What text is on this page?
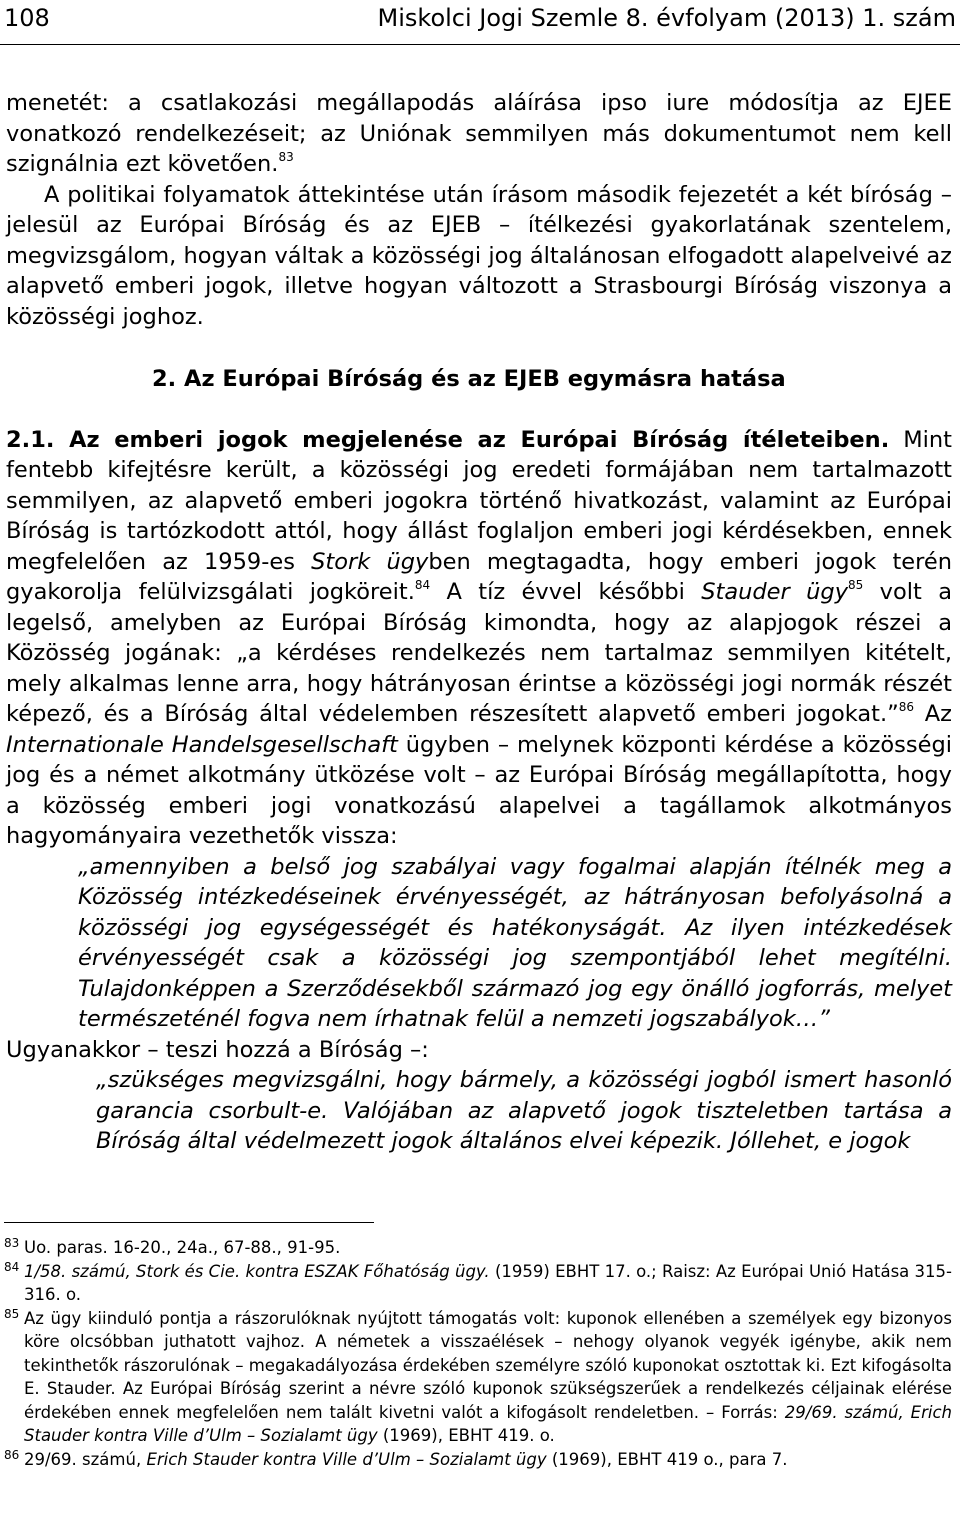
108	Miskolci Jogi Szemle 8. évfolyam (2013) 1. szám

menetét: a csatlakozási megállapodás aláírása ipso iure módosítja az EJEE vonatkozó rendelkezéseit; az Uniónak semmilyen más dokumentumot nem kell szignálnia ezt követően.$^{83}$

A politikai folyamatok áttekintése után írásom második fejezetét a két bíróság – jelesül az Európai Bíróság és az EJEB – ítélkezési gyakorlatának szentelem, megvizsgálom, hogyan váltak a közösségi jog általánosan elfogadott alapelveivé az alapvető emberi jogok, illetve hogyan változott a Strasbourgi Bíróság viszonya a közösségi joghoz.

2. Az Európai Bíróság és az EJEB egymásra hatása

2.1. Az emberi jogok megjelenése az Európai Bíróság ítéleteiben. Mint fentebb kifejtésre került, a közösségi jog eredeti formájában nem tartalmazott semmilyen, az alapvető emberi jogokra történő hivatkozást, valamint az Európai Bíróság is tartózkodott attól, hogy állást foglaljon emberi jogi kérdésekben, ennek megfelelően az 1959-es Stork ügyben megtagadta, hogy emberi jogok terén gyakorolja felülvizsgálati jogköreit.$^{84}$ A tíz évvel későbbi Stauder ügy$^{85}$ volt a legelső, amelyben az Európai Bíróság kimondta, hogy az alapjogok részei a Közösség jogának: „a kérdéses rendelkezés nem tartalmaz semmilyen kitételt, mely alkalmas lenne arra, hogy hátrányosan érintse a közösségi jogi normák részét képező, és a Bíróság által védelemben részesített alapvető emberi jogokat.”$^{86}$ Az Internationale Handelsgesellschaft ügyben – melynek központi kérdése a közösségi jog és a német alkotmány ütközése volt – az Európai Bíróság megállapította, hogy a közösség emberi jogi vonatkozású alapelvei a tagállamok alkotmányos hagyományaira vezethetők vissza:

„amennyiben a belső jog szabályai vagy fogalmai alapján ítélnék meg a Közösség intézkedéseinek érvényességét, az hátrányosan befolyásolná a közösségi jog egységességét és hatékonyságát. Az ilyen intézkedések érvényességét csak a közösségi jog szempontjából lehet megítélni. Tulajdonképpen a Szerződésekből származó jog egy önálló jogforrás, melyet természeténél fogva nem írhatnak felül a nemzeti jogszabályok…”

Ugyanakkor – teszi hozzá a Bíróság –:

„szükséges megvizsgálni, hogy bármely, a közösségi jogból ismert hasonló garancia csorbult-e. Valójában az alapvető jogok tiszteletben tartása a Bíróság által védelmezett jogok általános elvei képezik. Jóllehet, e jogok

83 Uo. paras. 16-20., 24a., 67-88., 91-95.

84 1/58. számú, Stork és Cie. kontra ESZAK Főhatóság ügy. (1959) EBHT 17. o.; Raisz: Az Európai Unió Hatása 315-316. o.

85 Az ügy kiinduló pontja a rászorulóknak nyújtott támogatás volt: kuponok ellenében a személyek egy bizonyos köre olcsóbban juthatott vajhoz. A németek a visszaélések – nehogy olyanok vegyék igénybe, akik nem tekinthetők rászorulónak – megakadályozása érdekében személyre szóló kuponokat osztottak ki. Ezt kifogásolta E. Stauder. Az Európai Bíróság szerint a névre szóló kuponok szükségszerűek a rendelkezés céljainak elérése érdekében ennek megfelelően nem talált kivetni valót a kifogásolt rendeletben. – Forrás: 29/69. számú, Erich Stauder kontra Ville d’Ulm – Sozialamt ügy (1969), EBHT 419. o.

86 29/69. számú, Erich Stauder kontra Ville d’Ulm – Sozialamt ügy (1969), EBHT 419 o., para 7.
